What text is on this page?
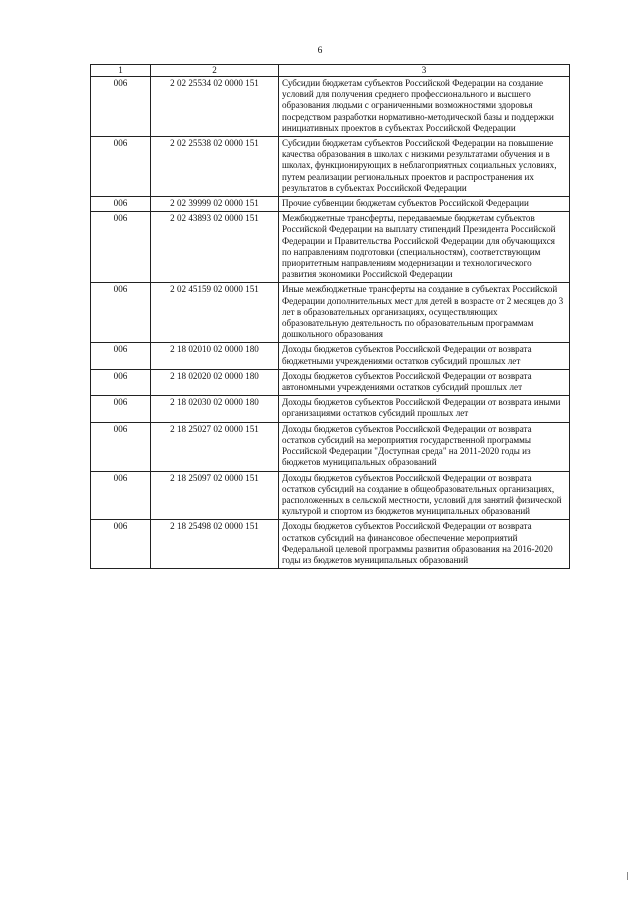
6
1	2	3
006	2 02 25534 02 0000 151	Субсидии бюджетам субъектов Российской Федерации на создание условий для получения среднего профессионального и высшего образования людьми с ограниченными возможностями здоровья посредством разработки нормативно-методической базы и поддержки инициативных проектов в субъектах Российской Федерации
006	2 02 25538 02 0000 151	Субсидии бюджетам субъектов Российской Федерации на повышение качества образования в школах с низкими результатами обучения и в школах, функционирующих в неблагоприятных социальных условиях, путем реализации региональных проектов и распространения их результатов в субъектах Российской Федерации
006	2 02 39999 02 0000 151	Прочие субвенции бюджетам субъектов Российской Федерации
006	2 02 43893 02 0000 151	Межбюджетные трансферты, передаваемые бюджетам субъектов Российской Федерации на выплату стипендий Президента Российской Федерации и Правительства Российской Федерации для обучающихся по направлениям подготовки (специальностям), соответствующим приоритетным направлениям модернизации и технологического развития экономики Российской Федерации
006	2 02 45159 02 0000 151	Иные межбюджетные трансферты на создание в субъектах Российской Федерации дополнительных мест для детей в возрасте от 2 месяцев до 3 лет в образовательных организациях, осуществляющих образовательную деятельность по образовательным программам дошкольного образования
006	2 18 02010 02 0000 180	Доходы бюджетов субъектов Российской Федерации от возврата бюджетными учреждениями остатков субсидий прошлых лет
006	2 18 02020 02 0000 180	Доходы бюджетов субъектов Российской Федерации от возврата автономными учреждениями остатков субсидий прошлых лет
006	2 18 02030 02 0000 180	Доходы бюджетов субъектов Российской Федерации от возврата иными организациями остатков субсидий прошлых лет
006	2 18 25027 02 0000 151	Доходы бюджетов субъектов Российской Федерации от возврата остатков субсидий на мероприятия государственной программы Российской Федерации "Доступная среда" на 2011-2020 годы из бюджетов муниципальных образований
006	2 18 25097 02 0000 151	Доходы бюджетов субъектов Российской Федерации от возврата остатков субсидий на создание в общеобразовательных организациях, расположенных в сельской местности, условий для занятий физической культурой и спортом из бюджетов муниципальных образований
006	2 18 25498 02 0000 151	Доходы бюджетов субъектов Российской Федерации от возврата остатков субсидий на финансовое обеспечение мероприятий Федеральной целевой программы развития образования на 2016-2020 годы из бюджетов муниципальных образований
